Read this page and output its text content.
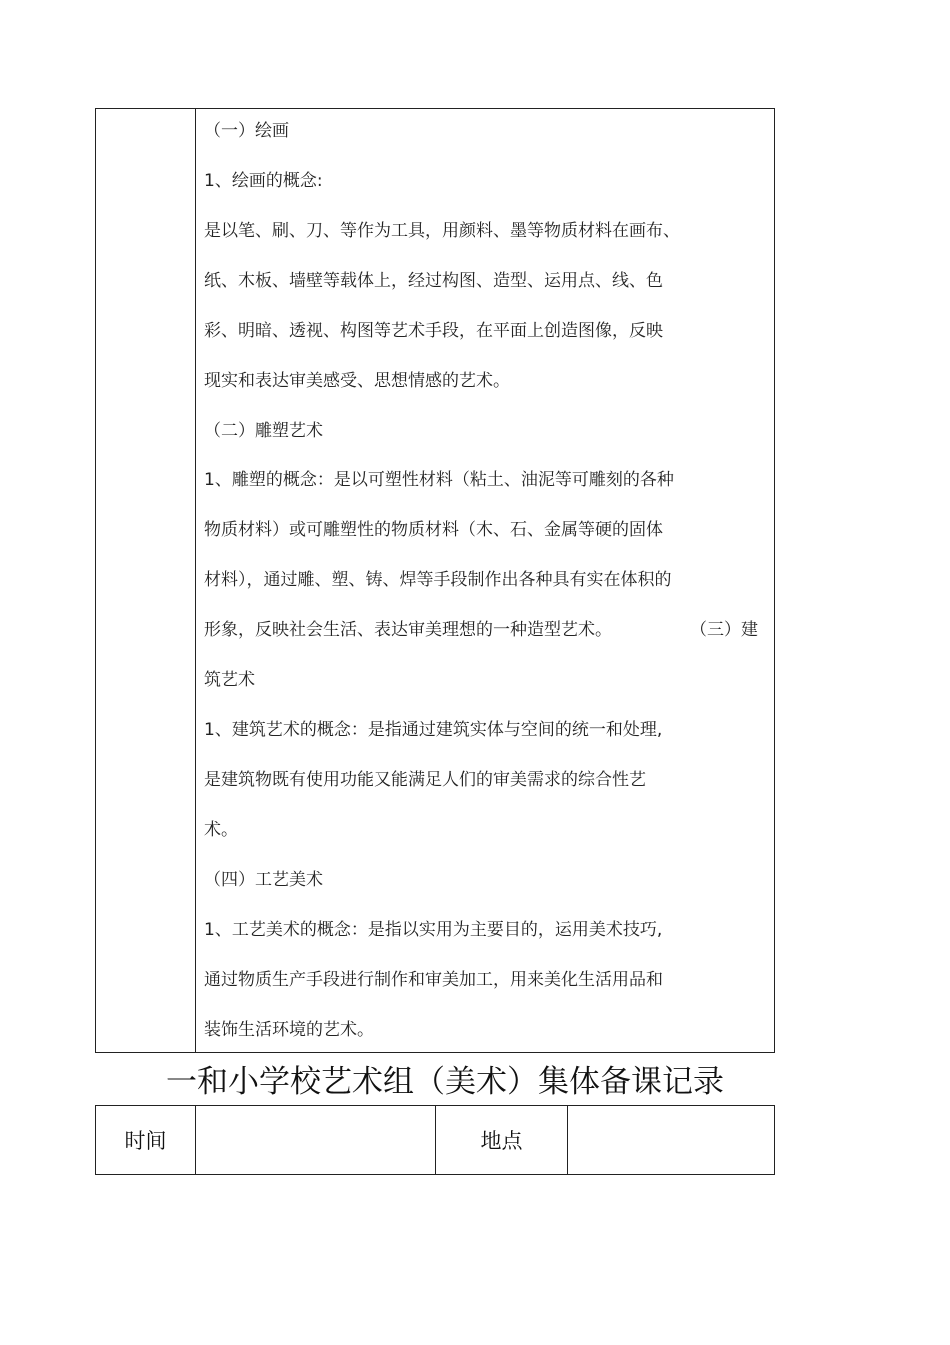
（一）绘画
1、绘画的概念:
是以笔、刷、刀、等作为工具，用颜料、墨等物质材料在画布、
纸、木板、墙壁等载体上，经过构图、造型、运用点、线、色
彩、明暗、透视、构图等艺术手段，在平面上创造图像，反映
现实和表达审美感受、思想情感的艺术。
（二）雕塑艺术
1、雕塑的概念：是以可塑性材料（粘土、油泥等可雕刻的各种
物质材料）或可雕塑性的物质材料（木、石、金属等硬的固体
材料），通过雕、塑、铸、焊等手段制作出各种具有实在体积的
形象，反映社会生活、表达审美理想的一种造型艺术。	（三）建
筑艺术
1、建筑艺术的概念：是指通过建筑实体与空间的统一和处理,
是建筑物既有使用功能又能满足人们的审美需求的综合性艺
术。
（四）工艺美术
1、工艺美术的概念：是指以实用为主要目的，运用美术技巧,
通过物质生产手段进行制作和审美加工，用来美化生活用品和
装饰生活环境的艺术。
一和小学校艺术组（美术）集体备课记录
时间	地点
